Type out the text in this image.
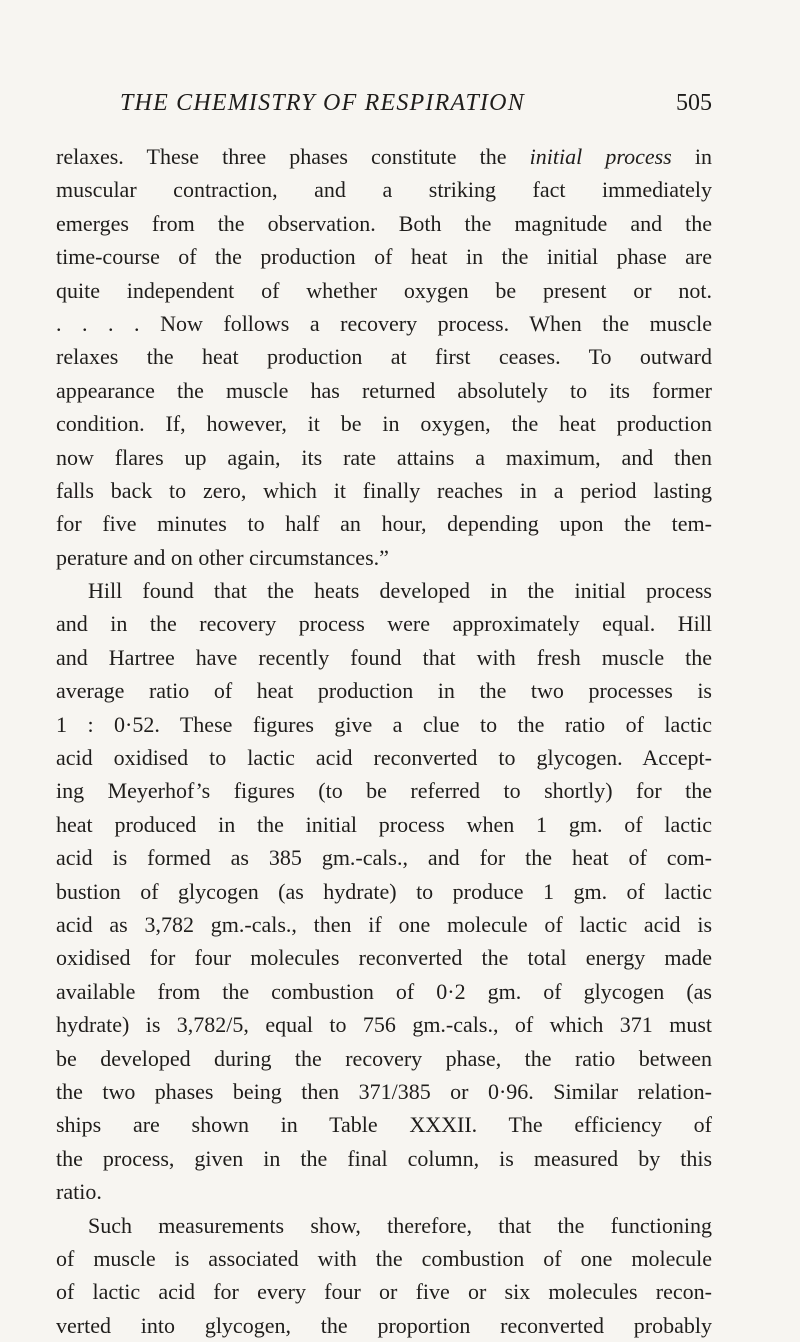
THE CHEMISTRY OF RESPIRATION	505
relaxes. These three phases constitute the initial process in
muscular contraction, and a striking fact immediately
emerges from the observation. Both the magnitude and the
time-course of the production of heat in the initial phase are
quite independent of whether oxygen be present or not.
. . . . Now follows a recovery process. When the muscle
relaxes the heat production at first ceases. To outward
appearance the muscle has returned absolutely to its former
condition. If, however, it be in oxygen, the heat production
now flares up again, its rate attains a maximum, and then
falls back to zero, which it finally reaches in a period lasting
for five minutes to half an hour, depending upon the tem-
perature and on other circumstances.”
Hill found that the heats developed in the initial process
and in the recovery process were approximately equal. Hill
and Hartree have recently found that with fresh muscle the
average ratio of heat production in the two processes is
1 : 0·52. These figures give a clue to the ratio of lactic
acid oxidised to lactic acid reconverted to glycogen. Accept-
ing Meyerhof’s figures (to be referred to shortly) for the
heat produced in the initial process when 1 gm. of lactic
acid is formed as 385 gm.-cals., and for the heat of com-
bustion of glycogen (as hydrate) to produce 1 gm. of lactic
acid as 3,782 gm.-cals., then if one molecule of lactic acid is
oxidised for four molecules reconverted the total energy made
available from the combustion of 0·2 gm. of glycogen (as
hydrate) is 3,782/5, equal to 756 gm.-cals., of which 371 must
be developed during the recovery phase, the ratio between
the two phases being then 371/385 or 0·96. Similar relation-
ships are shown in Table XXXII. The efficiency of
the process, given in the final column, is measured by this
ratio.
Such measurements show, therefore, that the functioning
of muscle is associated with the combustion of one molecule
of lactic acid for every four or five or six molecules recon-
verted into glycogen, the proportion reconverted probably
